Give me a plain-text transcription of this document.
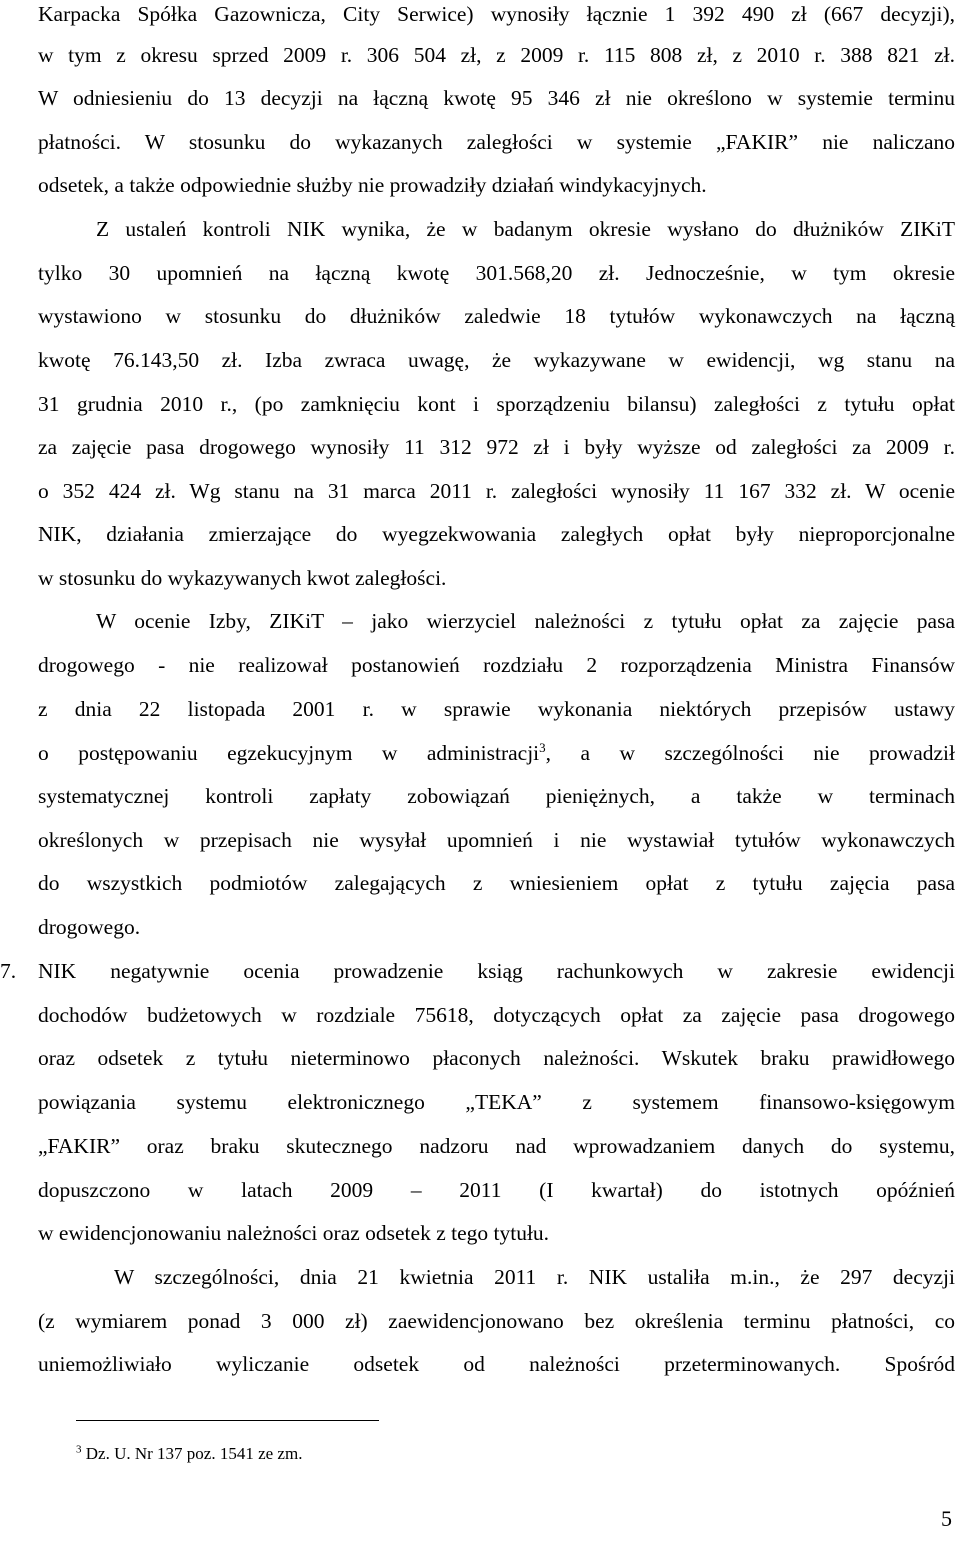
Karpacka Spółka Gazownicza, City Serwice) wynosiły łącznie 1 392 490 zł (667 decyzji),
w tym z okresu sprzed 2009 r. 306 504 zł, z 2009 r. 115 808 zł, z 2010 r. 388 821 zł.
W odniesieniu do 13 decyzji na łączną kwotę 95 346 zł nie określono w systemie terminu
płatności. W stosunku do wykazanych zaległości w systemie „FAKIR” nie naliczano
odsetek, a także odpowiednie służby nie prowadziły działań windykacyjnych.
Z ustaleń kontroli NIK wynika, że w badanym okresie wysłano do dłużników ZIKiT
tylko 30 upomnień na łączną kwotę 301.568,20 zł. Jednocześnie, w tym okresie
wystawiono w stosunku do dłużników zaledwie 18 tytułów wykonawczych na łączną
kwotę 76.143,50 zł. Izba zwraca uwagę, że wykazywane w ewidencji, wg stanu na
31 grudnia 2010 r., (po zamknięciu kont i sporządzeniu bilansu) zaległości z tytułu opłat
za zajęcie pasa drogowego wynosiły 11 312 972 zł i były wyższe od zaległości za 2009 r.
o 352 424 zł. Wg stanu na 31 marca 2011 r. zaległości wynosiły 11 167 332 zł. W ocenie
NIK, działania zmierzające do wyegzekwowania zaległych opłat były nieproporcjonalne
w stosunku do wykazywanych kwot zaległości.
W ocenie Izby, ZIKiT – jako wierzyciel należności z tytułu opłat za zajęcie pasa
drogowego - nie realizował postanowień rozdziału 2 rozporządzenia Ministra Finansów
z dnia 22 listopada 2001 r. w sprawie wykonania niektórych przepisów ustawy
o postępowaniu egzekucyjnym w administracji$^3$, a w szczególności nie prowadził
systematycznej kontroli zapłaty zobowiązań pieniężnych, a także w terminach
określonych w przepisach nie wysyłał upomnień i nie wystawiał tytułów wykonawczych
do wszystkich podmiotów zalegających z wniesieniem opłat z tytułu zajęcia pasa
drogowego.
7.	NIK negatywnie ocenia prowadzenie ksiąg rachunkowych w zakresie ewidencji
dochodów budżetowych w rozdziale 75618, dotyczących opłat za zajęcie pasa drogowego
oraz odsetek z tytułu nieterminowo płaconych należności. Wskutek braku prawidłowego
powiązania systemu elektronicznego „TEKA” z systemem finansowo-księgowym
„FAKIR” oraz braku skutecznego nadzoru nad wprowadzaniem danych do systemu,
dopuszczono w latach 2009 – 2011 (I kwartał) do istotnych opóźnień
w ewidencjonowaniu należności oraz odsetek z tego tytułu.
W szczególności, dnia 21 kwietnia 2011 r. NIK ustaliła m.in., że 297 decyzji
(z wymiarem ponad 3 000 zł) zaewidencjonowano bez określenia terminu płatności, co
uniemożliwiało wyliczanie odsetek od należności przeterminowanych. Spośród
$^3$ Dz. U. Nr 137 poz. 1541 ze zm.
5
